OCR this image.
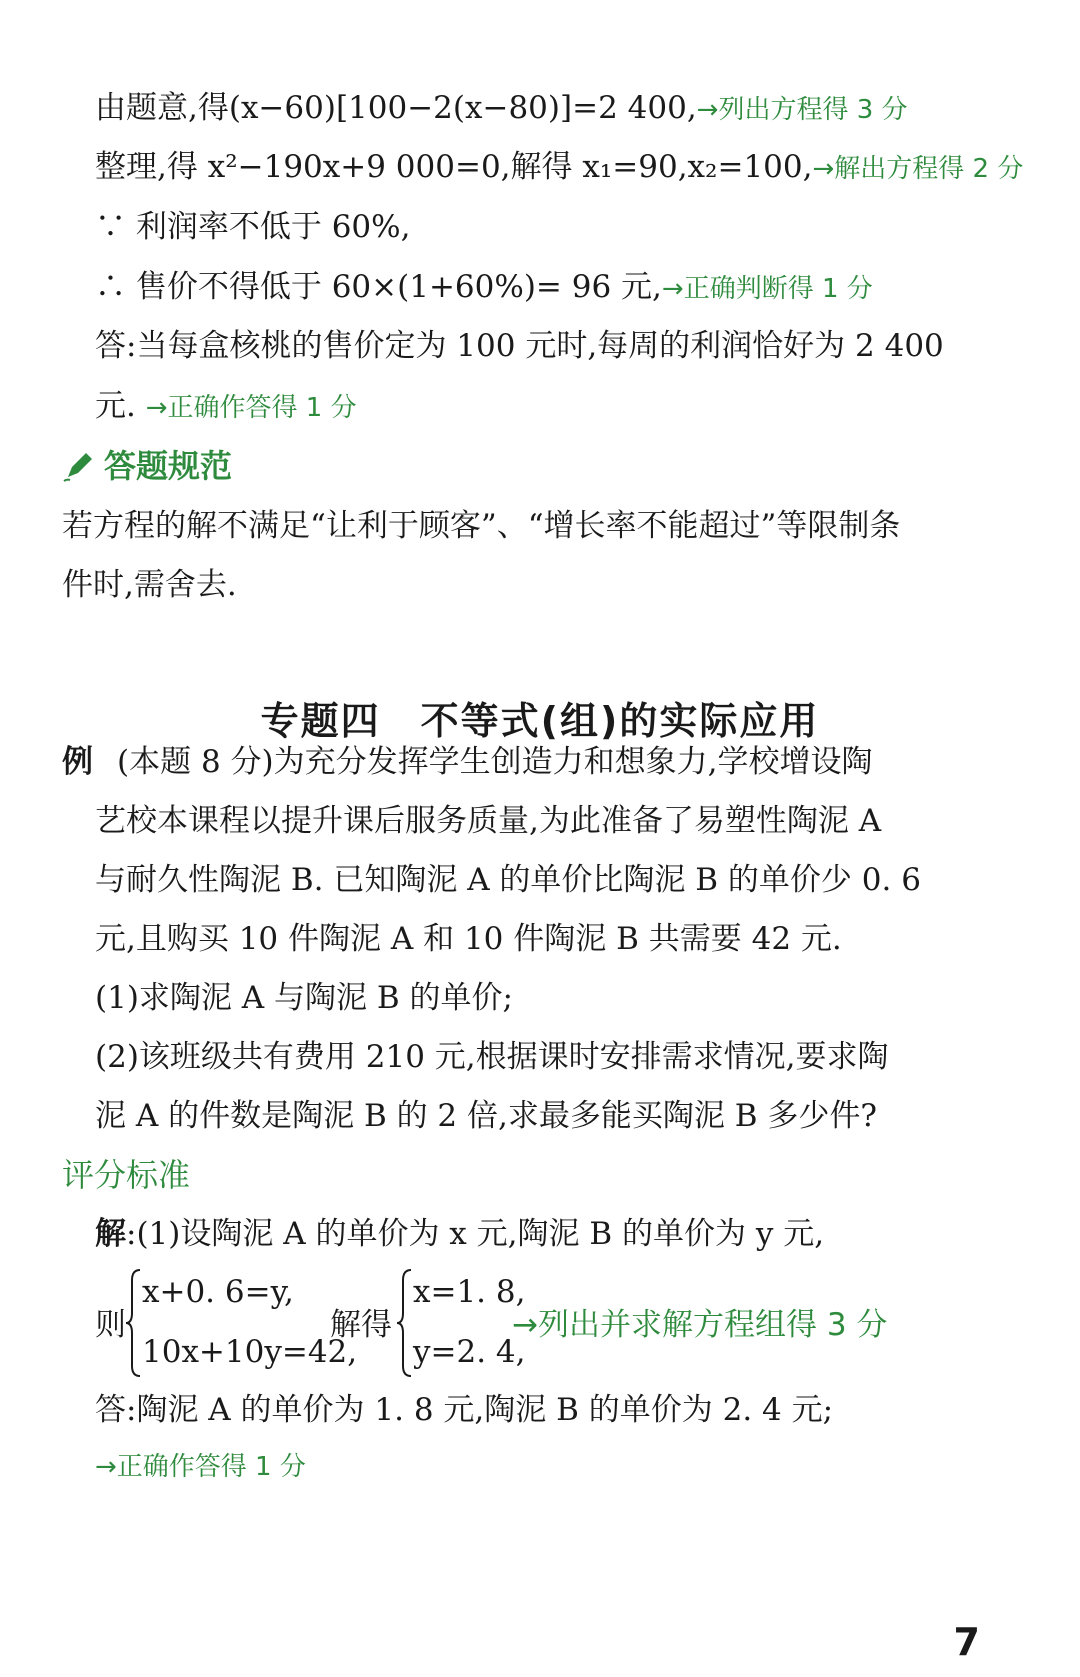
由题意,得(x−60)[100−2(x−80)]=2 400,→列出方程得 3 分
整理,得 x²−190x+9 000=0,解得 x₁=90,x₂=100,→解出方程得 2 分
∵ 利润率不低于 60%,
∴ 售价不得低于 60×(1+60%)= 96 元,→正确判断得 1 分
答:当每盒核桃的售价定为 100 元时,每周的利润恰好为 2 400
元. →正确作答得 1 分
答题规范
若方程的解不满足“让利于顾客”、“增长率不能超过”等限制条
件时,需舍去.
专题四　不等式(组)的实际应用
例 (本题 8 分)为充分发挥学生创造力和想象力,学校增设陶
艺校本课程以提升课后服务质量,为此准备了易塑性陶泥 A
与耐久性陶泥 B. 已知陶泥 A 的单价比陶泥 B 的单价少 0. 6
元,且购买 10 件陶泥 A 和 10 件陶泥 B 共需要 42 元.
(1)求陶泥 A 与陶泥 B 的单价;
(2)该班级共有费用 210 元,根据课时安排需求情况,要求陶
泥 A 的件数是陶泥 B 的 2 倍,求最多能买陶泥 B 多少件?
评分标准
解:(1)设陶泥 A 的单价为 x 元,陶泥 B 的单价为 y 元,
则
x+0. 6=y,
10x+10y=42,
解得
x=1. 8,
y=2. 4,
→列出并求解方程组得 3 分
答:陶泥 A 的单价为 1. 8 元,陶泥 B 的单价为 2. 4 元;
→正确作答得 1 分
7
